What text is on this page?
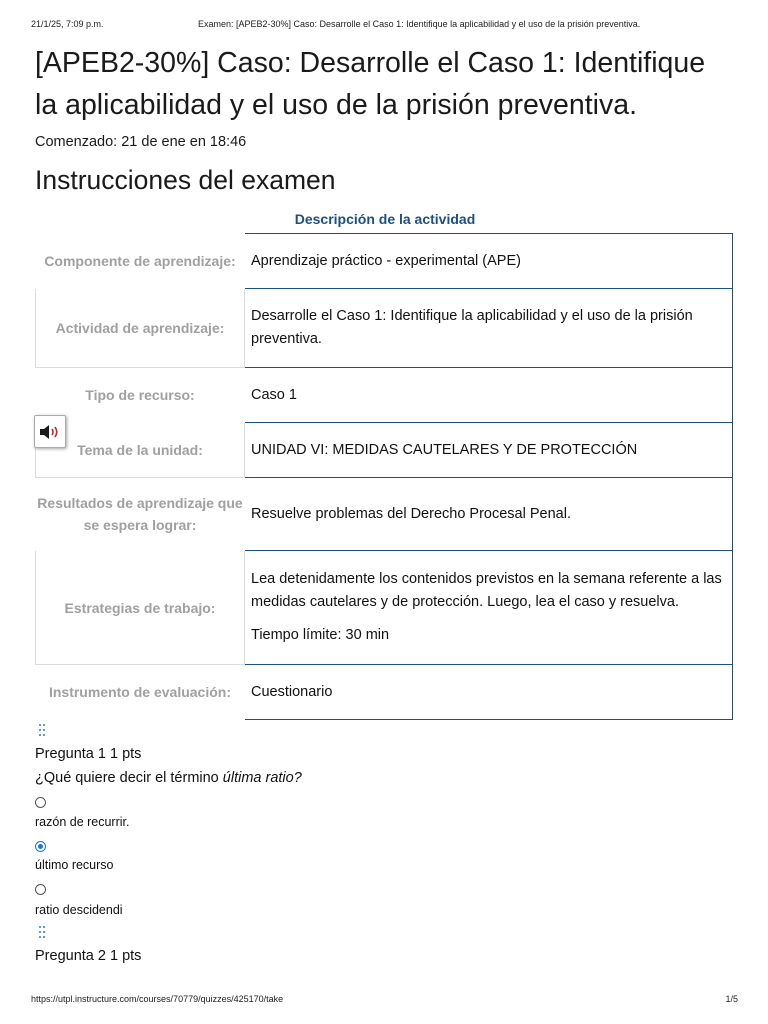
21/1/25, 7:09 p.m.	Examen: [APEB2-30%] Caso: Desarrolle el Caso 1: Identifique la aplicabilidad y el uso de la prisión preventiva.
[APEB2-30%] Caso: Desarrolle el Caso 1: Identifique la aplicabilidad y el uso de la prisión preventiva.
Comenzado: 21 de ene en 18:46
Instrucciones del examen
Descripción de la actividad
Componente de aprendizaje:	Aprendizaje práctico - experimental (APE)
Actividad de aprendizaje:	Desarrolle el Caso 1: Identifique la aplicabilidad y el uso de la prisión preventiva.
Tipo de recurso:	Caso 1
Tema de la unidad:	UNIDAD VI: MEDIDAS CAUTELARES Y DE PROTECCIÓN
Resultados de aprendizaje que se espera lograr:	Resuelve problemas del Derecho Procesal Penal.
Estrategias de trabajo:	Lea detenidamente los contenidos previstos en la semana referente a las medidas cautelares y de protección. Luego, lea el caso y resuelva.

Tiempo límite: 30 min

Instrumento de evaluación:	Cuestionario
Pregunta 1 1 pts
¿Qué quiere decir el término última ratio?
razón de recurrir.
último recurso
ratio descidendi
Pregunta 2 1 pts
https://utpl.instructure.com/courses/70779/quizzes/425170/take	1/5
